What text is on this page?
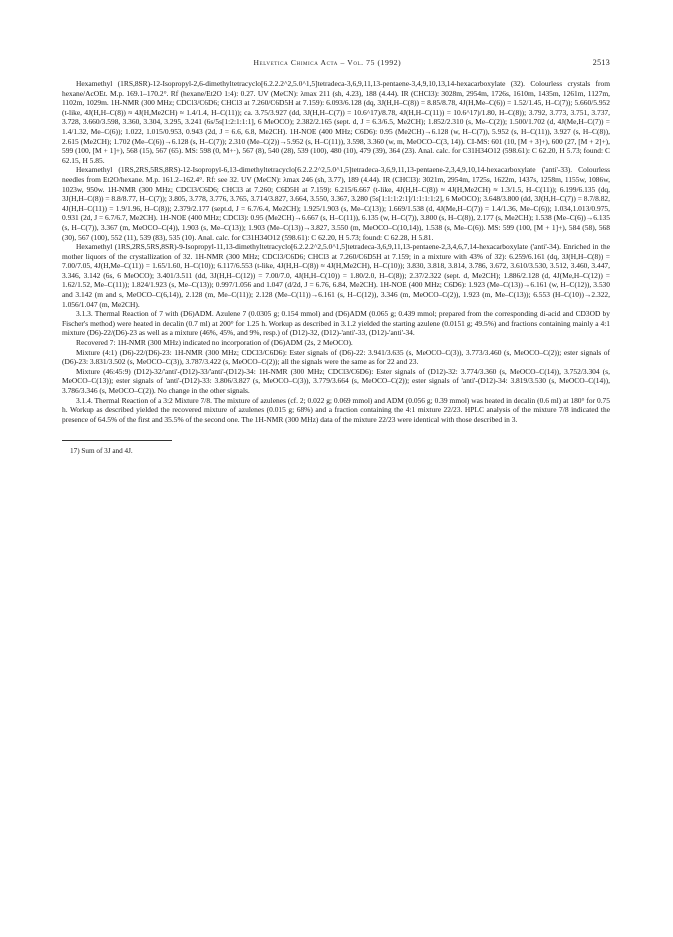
Helvetica Chimica Acta – Vol. 75 (1992)	2513

Hexamethyl (1RS,8SR)-12-Isopropyl-2,6-dimethyltetracyclo[6.2.2.2^2,5.0^1,5]tetradeca-3,6,9,11,13-pentaene-3,4,9,10,13,14-hexacarboxylate (32). Colourless crystals from hexane/AcOEt. M.p. 169.1–170.2°. Rf (hexane/Et2O 1:4): 0.27. UV (MeCN): λmax 211 (sh, 4.23), 188 (4.44). IR (CHCl3): 3028m, 2954m, 1726s, 1610m, 1435m, 1261m, 1127m, 1102m, 1029m. 1H-NMR (300 MHz; CDCl3/C6D6; CHCl3 at 7.260/C6D5H at 7.159): 6.093/6.128 (dq, 3J(H,H–C(8)) = 8.85/8.78, 4J(H,Me–C(6)) = 1.52/1.45, H–C(7)); 5.660/5.952 (t-like, 4J(H,H–C(8)) ≈ 4J(H,Me2CH) ≈ 1.4/1.4, H–C(11)); ca. 3.75/3.927 (dd, 3J(H,H–C(7)) = 10.6^17)/8.78, 4J(H,H–C(11)) = 10.6^17)/1.80, H–C(8)); 3.792, 3.773, 3.751, 3.737, 3.728, 3.660/3.598, 3.360, 3.304, 3.295, 3.241 (6s/5s[1:2:1:1:1], 6 MeOCO); 2.382/2.165 (sept. d, J = 6.3/6.5, Me2CH); 1.852/2.310 (s, Me–C(2)); 1.500/1.702 (d, 4J(Me,H–C(7)) = 1.4/1.32, Me–C(6)); 1.022, 1.015/0.953, 0.943 (2d, J = 6.6, 6.8, Me2CH). 1H-NOE (400 MHz; C6D6): 0.95 (Me2CH)→6.128 (w, H–C(7)), 5.952 (s, H–C(11)), 3.927 (s, H–C(8)), 2.615 (Me2CH); 1.702 (Me–C(6))→6.128 (s, H–C(7)); 2.310 (Me–C(2))→5.952 (s, H–C(11)), 3.598, 3.360 (w, m, MeOCO–C(3, 14)). CI-MS: 601 (10, [M + 3]+), 600 (27, [M + 2]+), 599 (100, [M + 1]+), 568 (15), 567 (65). MS: 598 (0, M+·), 567 (8), 540 (28), 539 (100), 480 (10), 479 (39), 364 (23). Anal. calc. for C31H34O12 (598.61): C 62.20, H 5.73; found: C 62.15, H 5.85.

Hexamethyl (1RS,2RS,5RS,8RS)-12-Isopropyl-6,13-dimethyltetracyclo[6.2.2.2^2,5.0^1,5]tetradeca-3,6,9,11,13-pentaene-2,3,4,9,10,14-hexacarboxylate ('anti'-33). Colourless needles from Et2O/hexane. M.p. 161.2–162.4°. Rf: see 32. UV (MeCN): λmax 246 (sh, 3.77), 189 (4.44). IR (CHCl3): 3021m, 2954m, 1725s, 1622m, 1437s, 1258m, 1155w, 1086w, 1023w, 950w. 1H-NMR (300 MHz; CDCl3/C6D6; CHCl3 at 7.260; C6D5H at 7.159): 6.215/6.667 (t-like, 4J(H,H–C(8)) ≈ 4J(H,Me2CH) ≈ 1.3/1.5, H–C(11)); 6.199/6.135 (dq, 3J(H,H–C(8)) = 8.8/8.77, H–C(7)); 3.805, 3.778, 3.776, 3.765, 3.714/3.827, 3.664, 3.550, 3.367, 3.280 (5s[1:1:1:2:1]/1:1:1:1:2], 6 MeOCO); 3.648/3.800 (dd, 3J(H,H–C(7)) = 8.7/8.82, 4J(H,H–C(11)) = 1.9/1.96, H–C(8)); 2.379/2.177 (sept.d, J = 6.7/6.4, Me2CH); 1.925/1.903 (s, Me–C(13)); 1.669/1.538 (d, 4J(Me,H–C(7)) = 1.4/1.36, Me–C(6)); 1.034,1.013/0.975, 0.931 (2d, J = 6.7/6.7, Me2CH). 1H-NOE (400 MHz; CDCl3): 0.95 (Me2CH)→6.667 (s, H–C(11)), 6.135 (w, H–C(7)), 3.800 (s, H–C(8)), 2.177 (s, Me2CH); 1.538 (Me–C(6))→6.135 (s, H–C(7)), 3.367 (m, MeOCO–C(4)), 1.903 (s, Me–C(13)); 1.903 (Me–C(13))→3.827, 3.550 (m, MeOCO–C(10,14)), 1.538 (s, Me–C(6)). MS: 599 (100, [M + 1]+), 584 (58), 568 (30), 567 (100), 552 (11), 539 (83), 535 (10). Anal. calc. for C31H34O12 (598.61): C 62.20, H 5.73; found: C 62.28, H 5.81.

Hexamethyl (1RS,2RS,5RS,8SR)-9-Isopropyl-11,13-dimethyltetracyclo[6.2.2.2^2,5.0^1,5]tetradeca-3,6,9,11,13-pentaene-2,3,4,6,7,14-hexacarboxylate ('anti'-34). Enriched in the mother liquors of the crystallization of 32. 1H-NMR (300 MHz; CDCl3/C6D6; CHCl3 at 7.260/C6D5H at 7.159; in a mixture with 43% of 32): 6.259/6.161 (dq, 3J(H,H–C(8)) = 7.00/7.05, 4J(H,Me–C(11)) = 1.65/1.60, H–C(10)); 6.117/6.553 (t-like, 4J(H,H–C(8)) ≈ 4J(H,Me2CH), H–C(10)); 3.830, 3.818, 3.814, 3.786, 3.672, 3.610/3.530, 3.512, 3.460, 3.447, 3.346, 3.142 (6s, 6 MeOCO); 3.401/3.511 (dd, 3J(H,H–C(12)) = 7.00/7.0, 4J(H,H–C(10)) = 1.80/2.0, H–C(8)); 2.37/2.322 (sept. d, Me2CH); 1.886/2.128 (d, 4J(Me,H–C(12)) = 1.62/1.52, Me–C(11)); 1.824/1.923 (s, Me–C(13)); 0.997/1.056 and 1.047 (d/2d, J = 6.76, 6.84, Me2CH). 1H-NOE (400 MHz; C6D6): 1.923 (Me–C(13))→6.161 (w, H–C(12)), 3.530 and 3.142 (m and s, MeOCO–C(6,14)), 2.128 (m, Me–C(11)); 2.128 (Me–C(11))→6.161 (s, H–C(12)), 3.346 (m, MeOCO–C(2)), 1.923 (m, Me–C(13)); 6.553 (H–C(10))→2.322, 1.056/1.047 (m, Me2CH).

3.1.3. Thermal Reaction of 7 with (D6)ADM. Azulene 7 (0.0305 g; 0.154 mmol) and (D6)ADM (0.065 g; 0.439 mmol; prepared from the corresponding di-acid and CD3OD by Fischer's method) were heated in decalin (0.7 ml) at 200° for 1.25 h. Workup as described in 3.1.2 yielded the starting azulene (0.0151 g; 49.5%) and fractions containing mainly a 4:1 mixture (D6)-22/(D6)-23 as well as a mixture (46%, 45%, and 9%, resp.) of (D12)-32, (D12)-'anti'-33, (D12)-'anti'-34.

Recovered 7: 1H-NMR (300 MHz) indicated no incorporation of (D6)ADM (2s, 2 MeOCO).

Mixture (4:1) (D6)-22/(D6)-23: 1H-NMR (300 MHz; CDCl3/C6D6): Ester signals of (D6)-22: 3.941/3.635 (s, MeOCO–C(3)), 3.773/3.460 (s, MeOCO–C(2)); ester signals of (D6)-23: 3.831/3.502 (s, MeOCO–C(3)), 3.787/3.422 (s, MeOCO–C(2)); all the signals were the same as for 22 and 23.

Mixture (46:45:9) (D12)-32/'anti'-(D12)-33/'anti'-(D12)-34: 1H-NMR (300 MHz; CDCl3/C6D6): Ester signals of (D12)-32: 3.774/3.360 (s, MeOCO–C(14)), 3.752/3.304 (s, MeOCO–C(13)); ester signals of 'anti'-(D12)-33: 3.806/3.827 (s, MeOCO–C(3)), 3.779/3.664 (s, MeOCO–C(2)); ester signals of 'anti'-(D12)-34: 3.819/3.530 (s, MeOCO–C(14)), 3.786/3.346 (s, MeOCO–C(2)). No change in the other signals.

3.1.4. Thermal Reaction of a 3:2 Mixture 7/8. The mixture of azulenes (cf. 2; 0.022 g; 0.069 mmol) and ADM (0.056 g; 0.39 mmol) was heated in decalin (0.6 ml) at 180° for 0.75 h. Workup as described yielded the recovered mixture of azulenes (0.015 g; 68%) and a fraction containing the 4:1 mixture 22/23. HPLC analysis of the mixture 7/8 indicated the presence of 64.5% of the first and 35.5% of the second one. The 1H-NMR (300 MHz) data of the mixture 22/23 were identical with those described in 3.

17) Sum of 3J and 4J.
